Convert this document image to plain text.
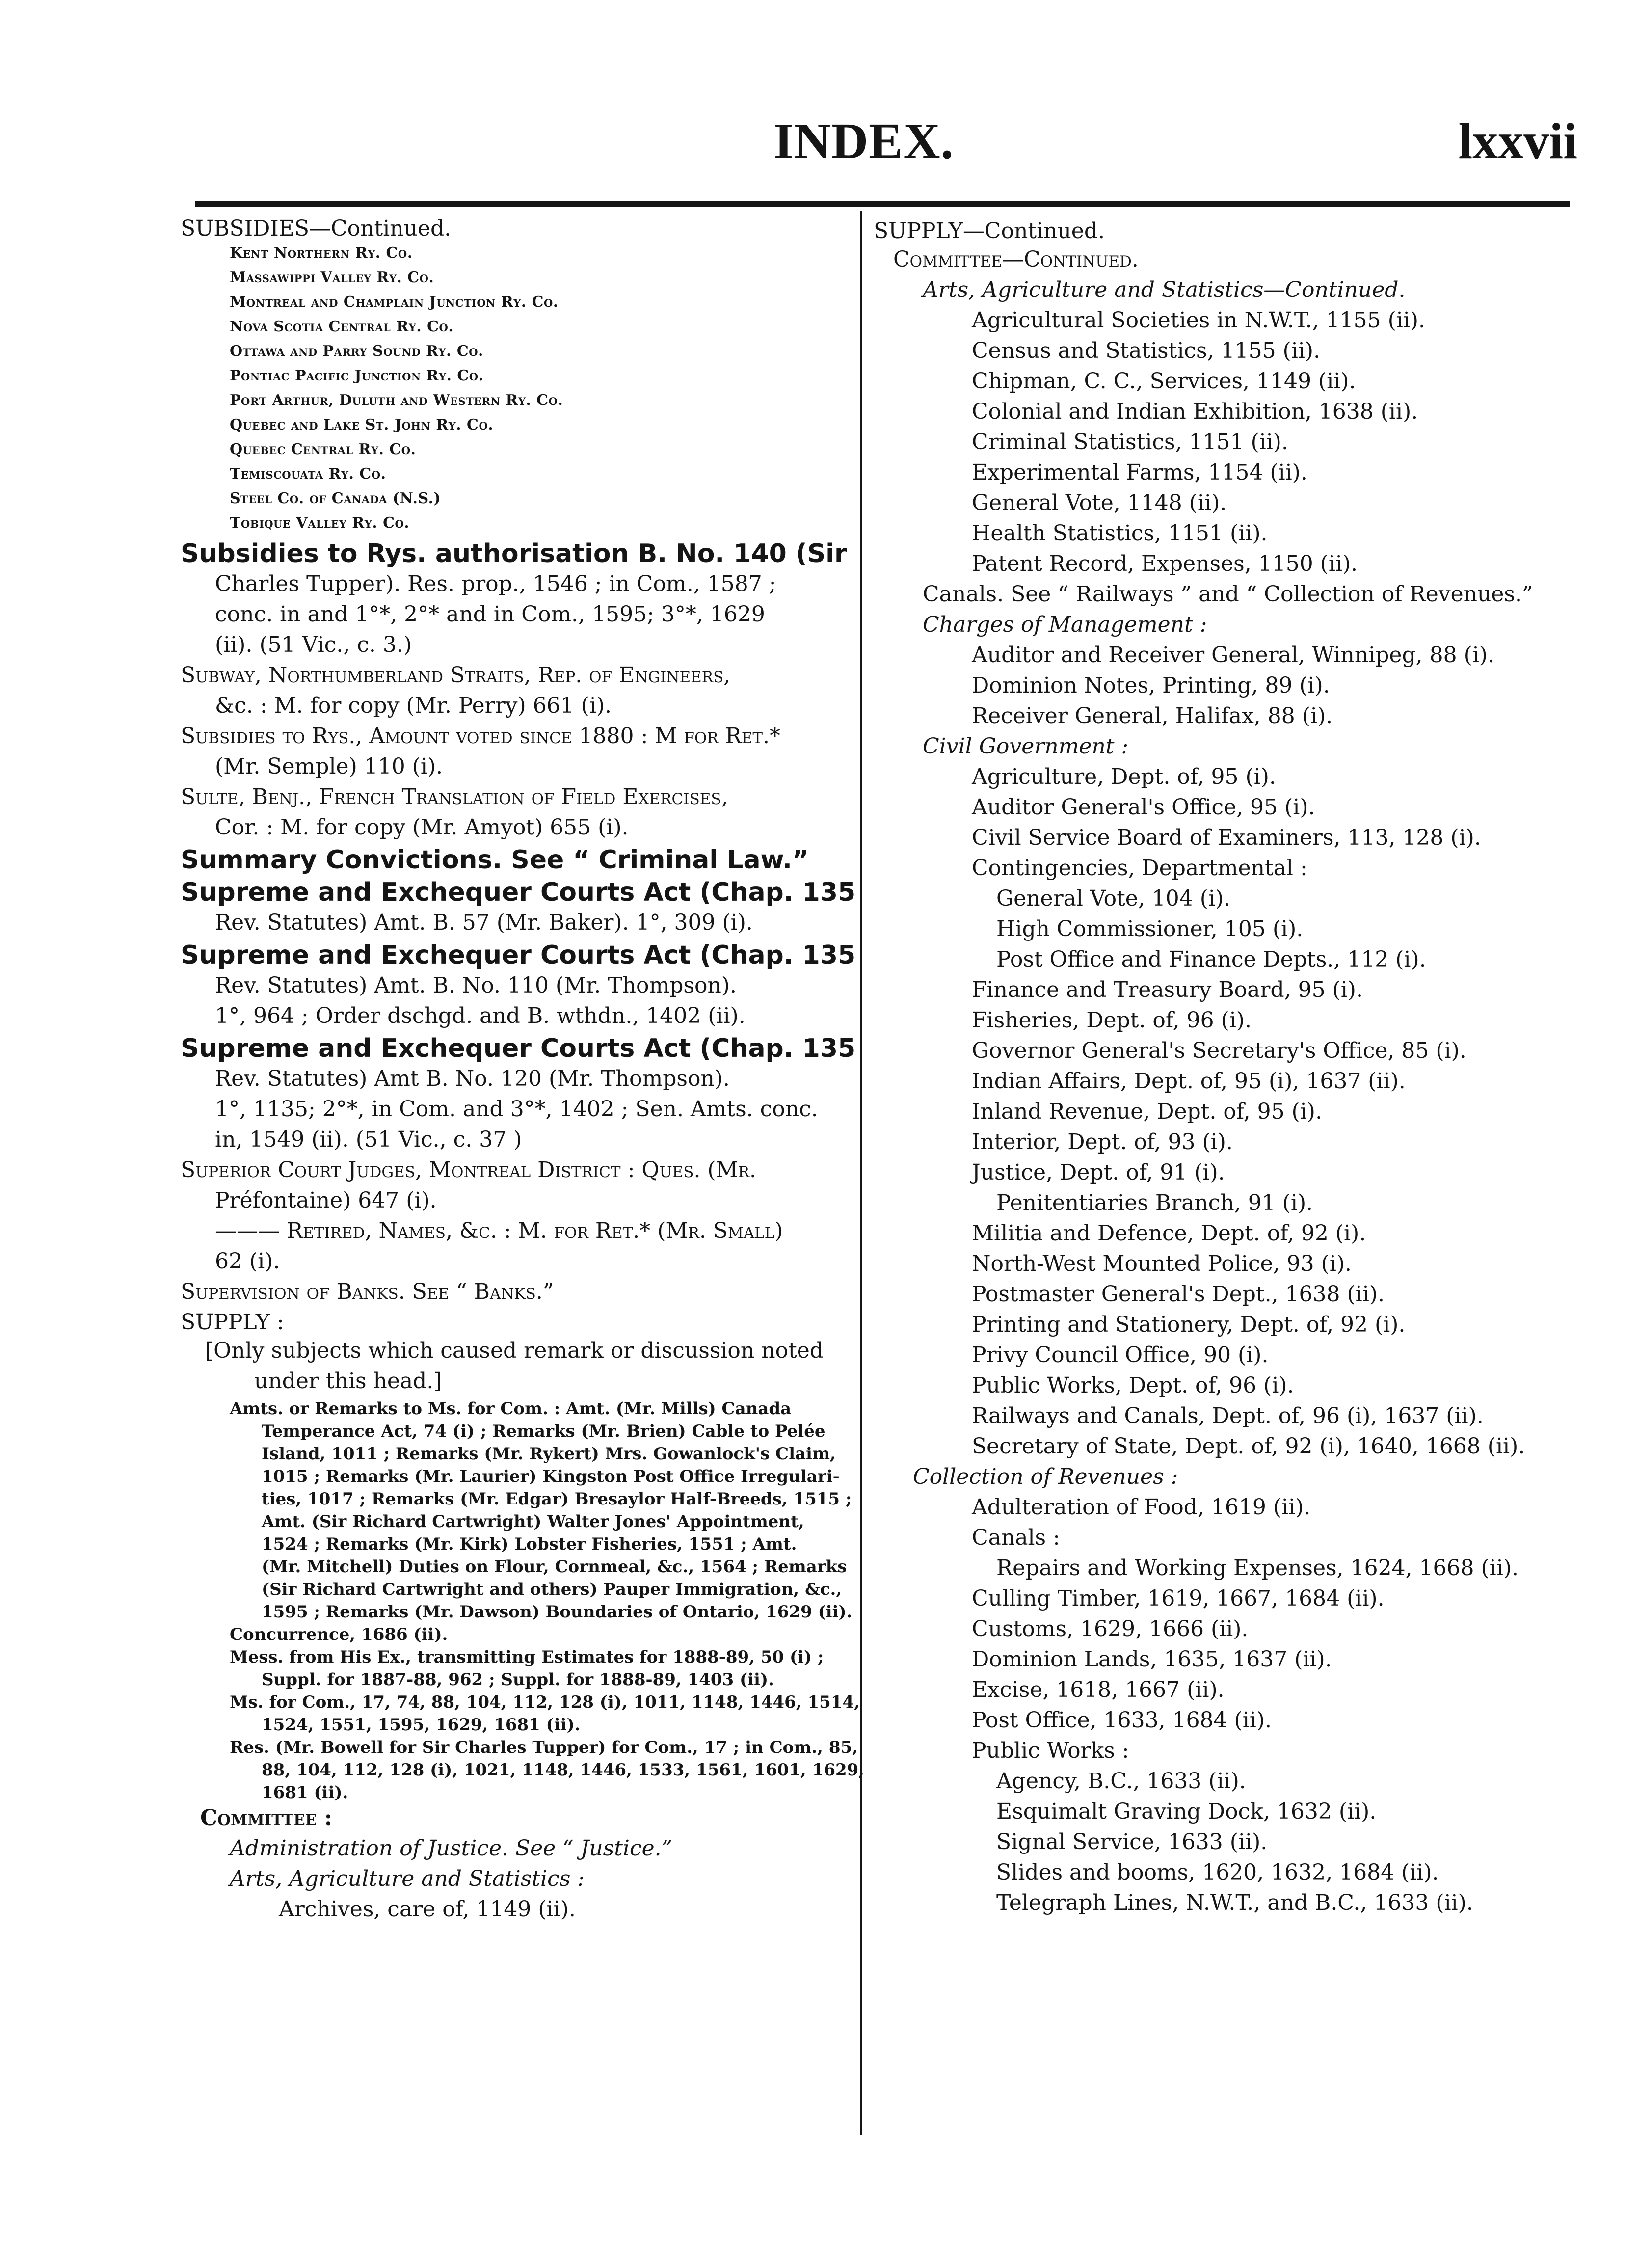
INDEX.	lxxvii
SUBSIDIES—Continued.
Kent Northern Ry. Co.
Massawippi Valley Ry. Co.
Montreal and Champlain Junction Ry. Co.
Nova Scotia Central Ry. Co.
Ottawa and Parry Sound Ry. Co.
Pontiac Pacific Junction Ry. Co.
Port Arthur, Duluth and Western Ry. Co.
Quebec and Lake St. John Ry. Co.
Quebec Central Ry. Co.
Temiscouata Ry. Co.
Steel Co. of Canada (N.S.)
Tobique Valley Ry. Co.
Subsidies to Rys. authorisation B. No. 140 (Sir
Charles Tupper). Res. prop., 1546 ; in Com., 1587 ;
conc. in and 1°*, 2°* and in Com., 1595; 3°*, 1629
(ii). (51 Vic., c. 3.)
Subway, Northumberland Straits, Rep. of Engineers,
&c. : M. for copy (Mr. Perry) 661 (i).
Subsidies to Rys., Amount voted since 1880 : M for Ret.*
(Mr. Semple) 110 (i).
Sulte, Benj., French Translation of Field Exercises,
Cor. : M. for copy (Mr. Amyot) 655 (i).
Summary Convictions. See “ Criminal Law.”
Supreme and Exchequer Courts Act (Chap. 135
Rev. Statutes) Amt. B. 57 (Mr. Baker). 1°, 309 (i).
Supreme and Exchequer Courts Act (Chap. 135
Rev. Statutes) Amt. B. No. 110 (Mr. Thompson).
1°, 964 ; Order dschgd. and B. wthdn., 1402 (ii).
Supreme and Exchequer Courts Act (Chap. 135
Rev. Statutes) Amt B. No. 120 (Mr. Thompson).
1°, 1135; 2°*, in Com. and 3°*, 1402 ; Sen. Amts. conc.
in, 1549 (ii). (51 Vic., c. 37 )
Superior Court Judges, Montreal District : Ques. (Mr.
Préfontaine) 647 (i).
——— Retired, Names, &c. : M. for Ret.* (Mr. Small)
62 (i).
Supervision of Banks. See “ Banks.”
SUPPLY :
[Only subjects which caused remark or discussion noted
under this head.]
Amts. or Remarks to Ms. for Com. : Amt. (Mr. Mills) Canada
Temperance Act, 74 (i) ; Remarks (Mr. Brien) Cable to Pelée
Island, 1011 ; Remarks (Mr. Rykert) Mrs. Gowanlock's Claim,
1015 ; Remarks (Mr. Laurier) Kingston Post Office Irregulari-
ties, 1017 ; Remarks (Mr. Edgar) Bresaylor Half-Breeds, 1515 ;
Amt. (Sir Richard Cartwright) Walter Jones' Appointment,
1524 ; Remarks (Mr. Kirk) Lobster Fisheries, 1551 ; Amt.
(Mr. Mitchell) Duties on Flour, Cornmeal, &c., 1564 ; Remarks
(Sir Richard Cartwright and others) Pauper Immigration, &c.,
1595 ; Remarks (Mr. Dawson) Boundaries of Ontario, 1629 (ii).
Concurrence, 1686 (ii).
Mess. from His Ex., transmitting Estimates for 1888-89, 50 (i) ;
Suppl. for 1887-88, 962 ; Suppl. for 1888-89, 1403 (ii).
Ms. for Com., 17, 74, 88, 104, 112, 128 (i), 1011, 1148, 1446, 1514,
1524, 1551, 1595, 1629, 1681 (ii).
Res. (Mr. Bowell for Sir Charles Tupper) for Com., 17 ; in Com., 85,
88, 104, 112, 128 (i), 1021, 1148, 1446, 1533, 1561, 1601, 1629,
1681 (ii).
Committee :
Administration of Justice. See “ Justice.”
Arts, Agriculture and Statistics :
Archives, care of, 1149 (ii).
SUPPLY—Continued.
Committee—Continued.
Arts, Agriculture and Statistics—Continued.
Agricultural Societies in N.W.T., 1155 (ii).
Census and Statistics, 1155 (ii).
Chipman, C. C., Services, 1149 (ii).
Colonial and Indian Exhibition, 1638 (ii).
Criminal Statistics, 1151 (ii).
Experimental Farms, 1154 (ii).
General Vote, 1148 (ii).
Health Statistics, 1151 (ii).
Patent Record, Expenses, 1150 (ii).
Canals. See “ Railways ” and “ Collection of Revenues.”
Charges of Management :
Auditor and Receiver General, Winnipeg, 88 (i).
Dominion Notes, Printing, 89 (i).
Receiver General, Halifax, 88 (i).
Civil Government :
Agriculture, Dept. of, 95 (i).
Auditor General's Office, 95 (i).
Civil Service Board of Examiners, 113, 128 (i).
Contingencies, Departmental :
General Vote, 104 (i).
High Commissioner, 105 (i).
Post Office and Finance Depts., 112 (i).
Finance and Treasury Board, 95 (i).
Fisheries, Dept. of, 96 (i).
Governor General's Secretary's Office, 85 (i).
Indian Affairs, Dept. of, 95 (i), 1637 (ii).
Inland Revenue, Dept. of, 95 (i).
Interior, Dept. of, 93 (i).
Justice, Dept. of, 91 (i).
Penitentiaries Branch, 91 (i).
Militia and Defence, Dept. of, 92 (i).
North-West Mounted Police, 93 (i).
Postmaster General's Dept., 1638 (ii).
Printing and Stationery, Dept. of, 92 (i).
Privy Council Office, 90 (i).
Public Works, Dept. of, 96 (i).
Railways and Canals, Dept. of, 96 (i), 1637 (ii).
Secretary of State, Dept. of, 92 (i), 1640, 1668 (ii).
Collection of Revenues :
Adulteration of Food, 1619 (ii).
Canals :
Repairs and Working Expenses, 1624, 1668 (ii).
Culling Timber, 1619, 1667, 1684 (ii).
Customs, 1629, 1666 (ii).
Dominion Lands, 1635, 1637 (ii).
Excise, 1618, 1667 (ii).
Post Office, 1633, 1684 (ii).
Public Works :
Agency, B.C., 1633 (ii).
Esquimalt Graving Dock, 1632 (ii).
Signal Service, 1633 (ii).
Slides and booms, 1620, 1632, 1684 (ii).
Telegraph Lines, N.W.T., and B.C., 1633 (ii).
